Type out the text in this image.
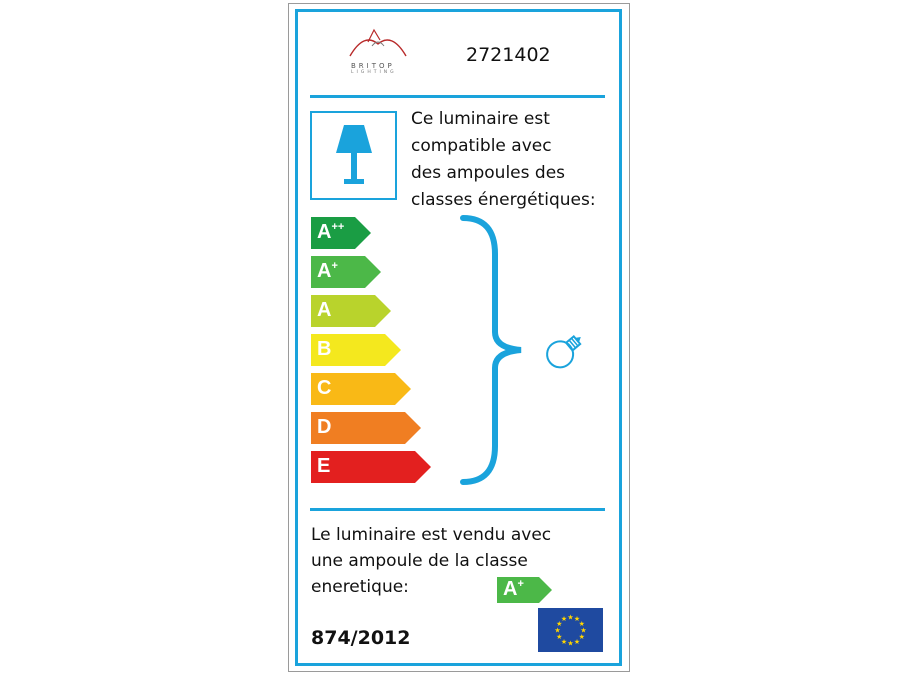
BRITOP
LIGHTING
2721402
Ce luminaire est
compatible avec
des ampoules des
classes énergétiques:
A++
A+
A
B
C
D
E
Le luminaire est vendu avec
une ampoule de la classe
eneretique:	A+
874/2012	★
★
★
★
★
★
★
★
★ ★ ★
★
